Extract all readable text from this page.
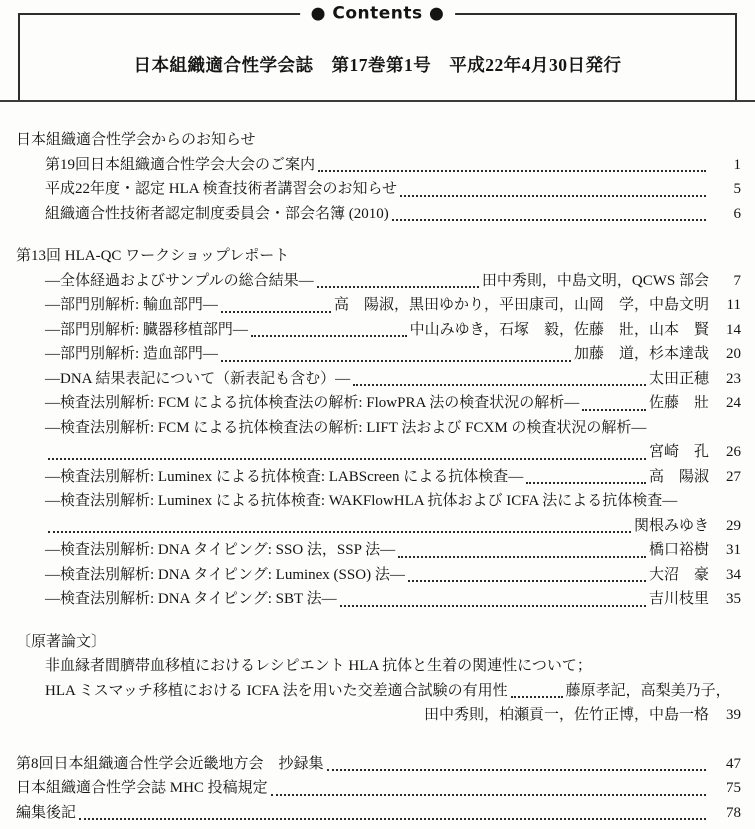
● Contents ●
日本組織適合性学会誌　第17巻第1号　平成22年4月30日発行
日本組織適合性学会からのお知らせ
第19回日本組織適合性学会大会のご案内	1
平成22年度・認定 HLA 検査技術者講習会のお知らせ	5
組織適合性技術者認定制度委員会・部会名簿 (2010)	6
第13回 HLA-QC ワークショップレポート
―全体経過およびサンプルの総合結果―	田中秀則，中島文明，QCWS 部会	7
―部門別解析: 輸血部門―	高　陽淑，黒田ゆかり，平田康司，山岡　学，中島文明	11
―部門別解析: 臓器移植部門―	中山みゆき，石塚　毅，佐藤　壯，山本　賢	14
―部門別解析: 造血部門―	加藤　道，杉本達哉	20
―DNA 結果表記について（新表記も含む）―	太田正穂	23
―検査法別解析: FCM による抗体検査法の解析: FlowPRA 法の検査状況の解析―	佐藤　壯	24
―検査法別解析: FCM による抗体検査法の解析: LIFT 法および FCXM の検査状況の解析―
宮崎　孔	26
―検査法別解析: Luminex による抗体検査: LABScreen による抗体検査―	高　陽淑	27
―検査法別解析: Luminex による抗体検査: WAKFlowHLA 抗体および ICFA 法による抗体検査―
関根みゆき	29
―検査法別解析: DNA タイピング: SSO 法，SSP 法―	橋口裕樹	31
―検査法別解析: DNA タイピング: Luminex (SSO) 法―	大沼　豪	34
―検査法別解析: DNA タイピング: SBT 法―	吉川枝里	35
〔原著論文〕
非血縁者間臍帯血移植におけるレシピエント HLA 抗体と生着の関連性について；
HLA ミスマッチ移植における ICFA 法を用いた交差適合試験の有用性	藤原孝記，高梨美乃子，
田中秀則，柏瀬貢一，佐竹正博，中島一格	39
第8回日本組織適合性学会近畿地方会　抄録集	47
日本組織適合性学会誌 MHC 投稿規定	75
編集後記	78
